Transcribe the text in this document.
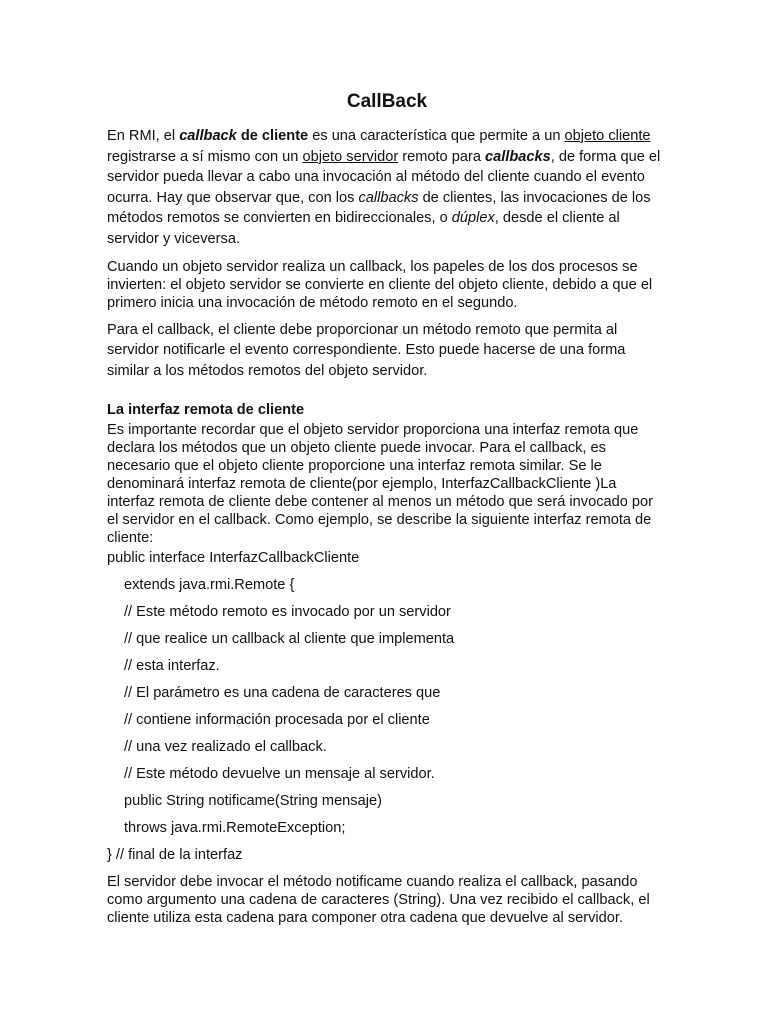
CallBack

En RMI, el callback de cliente es una característica que permite a un objeto cliente registrarse a sí mismo con un objeto servidor remoto para callbacks, de forma que el servidor pueda llevar a cabo una invocación al método del cliente cuando el evento ocurra. Hay que observar que, con los callbacks de clientes, las invocaciones de los métodos remotos se convierten en bidireccionales, o dúplex, desde el cliente al servidor y viceversa.

Cuando un objeto servidor realiza un callback, los papeles de los dos procesos se invierten: el objeto servidor se convierte en cliente del objeto cliente, debido a que el primero inicia una invocación de método remoto en el segundo.

Para el callback, el cliente debe proporcionar un método remoto que permita al servidor notificarle el evento correspondiente. Esto puede hacerse de una forma similar a los métodos remotos del objeto servidor.

La interfaz remota de cliente

Es importante recordar que el objeto servidor proporciona una interfaz remota que declara los métodos que un objeto cliente puede invocar. Para el callback, es necesario que el objeto cliente proporcione una interfaz remota similar. Se le denominará interfaz remota de cliente(por ejemplo, InterfazCallbackCliente )La interfaz remota de cliente debe contener al menos un método que será invocado por el servidor en el callback. Como ejemplo, se describe la siguiente interfaz remota de cliente:

public interface InterfazCallbackCliente

extends java.rmi.Remote {

// Este método remoto es invocado por un servidor

// que realice un callback al cliente que implementa

// esta interfaz.

// El parámetro es una cadena de caracteres que

// contiene información procesada por el cliente

// una vez realizado el callback.

// Este método devuelve un mensaje al servidor.

public String notificame(String mensaje)

throws java.rmi.RemoteException;

} // final de la interfaz

El servidor debe invocar el método notificame cuando realiza el callback, pasando como argumento una cadena de caracteres (String). Una vez recibido el callback, el cliente utiliza esta cadena para componer otra cadena que devuelve al servidor.
